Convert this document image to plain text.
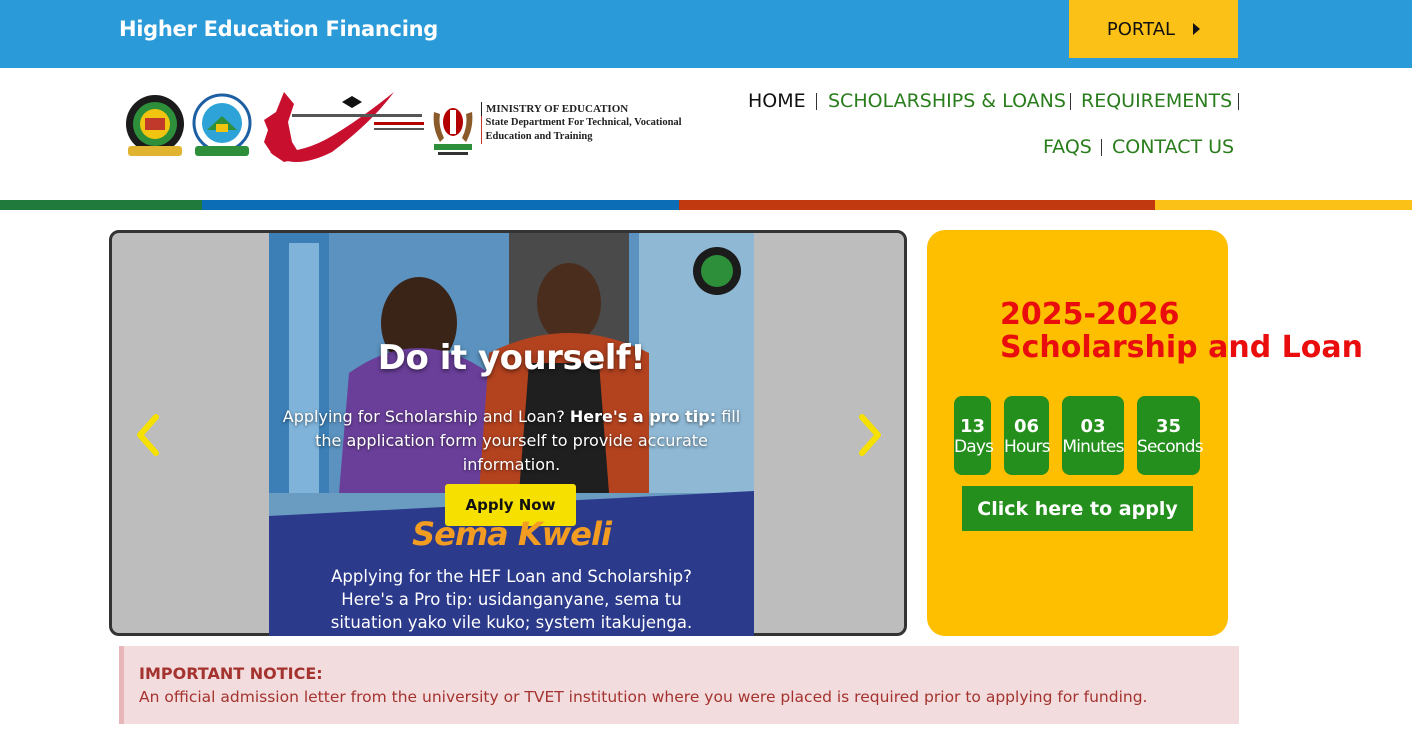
Higher Education Financing	PORTAL
MINISTRY OF EDUCATION
State Department For Technical, Vocational
Education and Training
HOME SCHOLARSHIPS & LOANS REQUIREMENTS
FAQS CONTACT US
Do it yourself!
Applying for Scholarship and Loan? Here's a pro tip: fill the application form yourself to provide accurate information.
Apply Now
Sema Kweli
Applying for the HEF Loan and Scholarship?
Here's a Pro tip: usidanganyane, sema tu
situation yako vile kuko; system itakujenga.
2025-2026
Scholarship and Loan
13
Days
06
Hours
03
Minutes
35
Seconds
Click here to apply
IMPORTANT NOTICE:
An official admission letter from the university or TVET institution where you were placed is required prior to applying for funding.
